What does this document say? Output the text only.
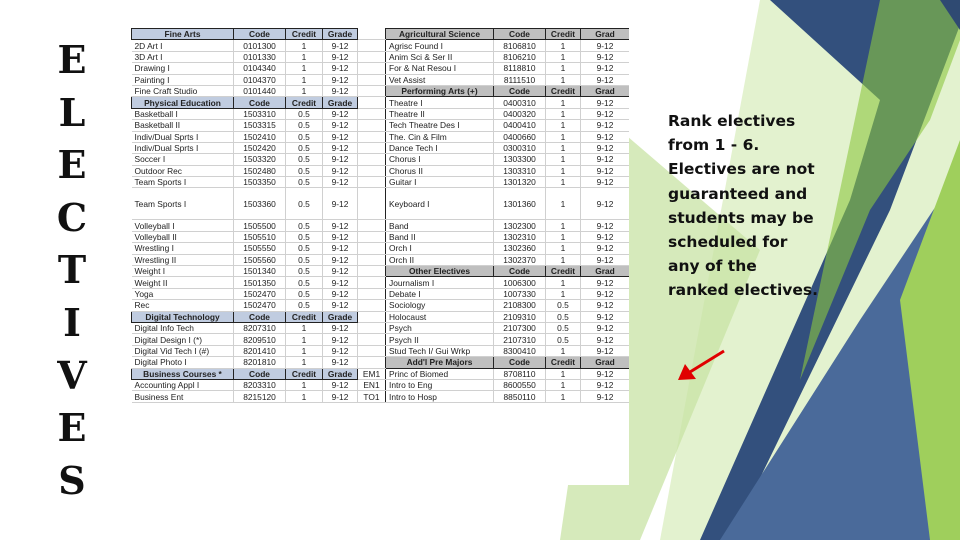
E
L
E
C
T
I
V
E
S
Fine Arts	Code	Credit	Grade		Agricultural Science	Code	Credit	Grad
2D Art I	0101300	1	9-12		Agrisc Found I	8106810	1	9-12
3D Art I	0101330	1	9-12		Anim Sci & Ser II	8106210	1	9-12
Drawing I	0104340	1	9-12		For & Nat Resou I	8118810	1	9-12
Painting I	0104370	1	9-12		Vet Assist	8111510	1	9-12
Fine Craft Studio	0101440	1	9-12		Performing Arts (+)	Code	Credit	Grad
Physical Education	Code	Credit	Grade		Theatre I	0400310	1	9-12
Basketball I	1503310	0.5	9-12		Theatre II	0400320	1	9-12
Basketball II	1503315	0.5	9-12		Tech Theatre Des I	0400410	1	9-12
Indiv/Dual Sprts I	1502410	0.5	9-12		The. Cin & Film	0400660	1	9-12
Indiv/Dual Sprts I	1502420	0.5	9-12		Dance Tech I	0300310	1	9-12
Soccer I	1503320	0.5	9-12		Chorus I	1303300	1	9-12
Outdoor Rec	1502480	0.5	9-12		Chorus II	1303310	1	9-12
Team Sports I	1503350	0.5	9-12		Guitar I	1301320	1	9-12
Team Sports I	1503360	0.5	9-12		Keyboard I	1301360	1	9-12
Volleyball I	1505500	0.5	9-12		Band	1302300	1	9-12
Volleyball II	1505510	0.5	9-12		Band II	1302310	1	9-12
Wrestling I	1505550	0.5	9-12		Orch I	1302360	1	9-12
Wrestling II	1505560	0.5	9-12		Orch II	1302370	1	9-12
Weight I	1501340	0.5	9-12		Other Electives	Code	Credit	Grad
Weight II	1501350	0.5	9-12		Journalism I	1006300	1	9-12
Yoga	1502470	0.5	9-12		Debate I	1007330	1	9-12
Rec	1502470	0.5	9-12		Sociology	2108300	0.5	9-12
Digital Technology	Code	Credit	Grade		Holocaust	2109310	0.5	9-12
Digital Info Tech	8207310	1	9-12		Psych	2107300	0.5	9-12
Digital Design I (*)	8209510	1	9-12		Psych II	2107310	0.5	9-12
Digital Vid Tech I (#)	8201410	1	9-12		Stud Tech I/ Gui Wrkp	8300410	1	9-12
Digital Photo I	8201810	1	9-12		Add'l Pre Majors	Code	Credit	Grad
Business Courses *	Code	Credit	Grade	EM1	Princ of Biomed	8708110	1	9-12
Accounting Appl I	8203310	1	9-12	EN1	Intro to Eng	8600550	1	9-12
Business Ent	8215120	1	9-12	TO1	Intro to Hosp	8850110	1	9-12
Rank electives
from 1 - 6.
Electives are not
guaranteed and
students may be
scheduled for
any of the
ranked electives.
